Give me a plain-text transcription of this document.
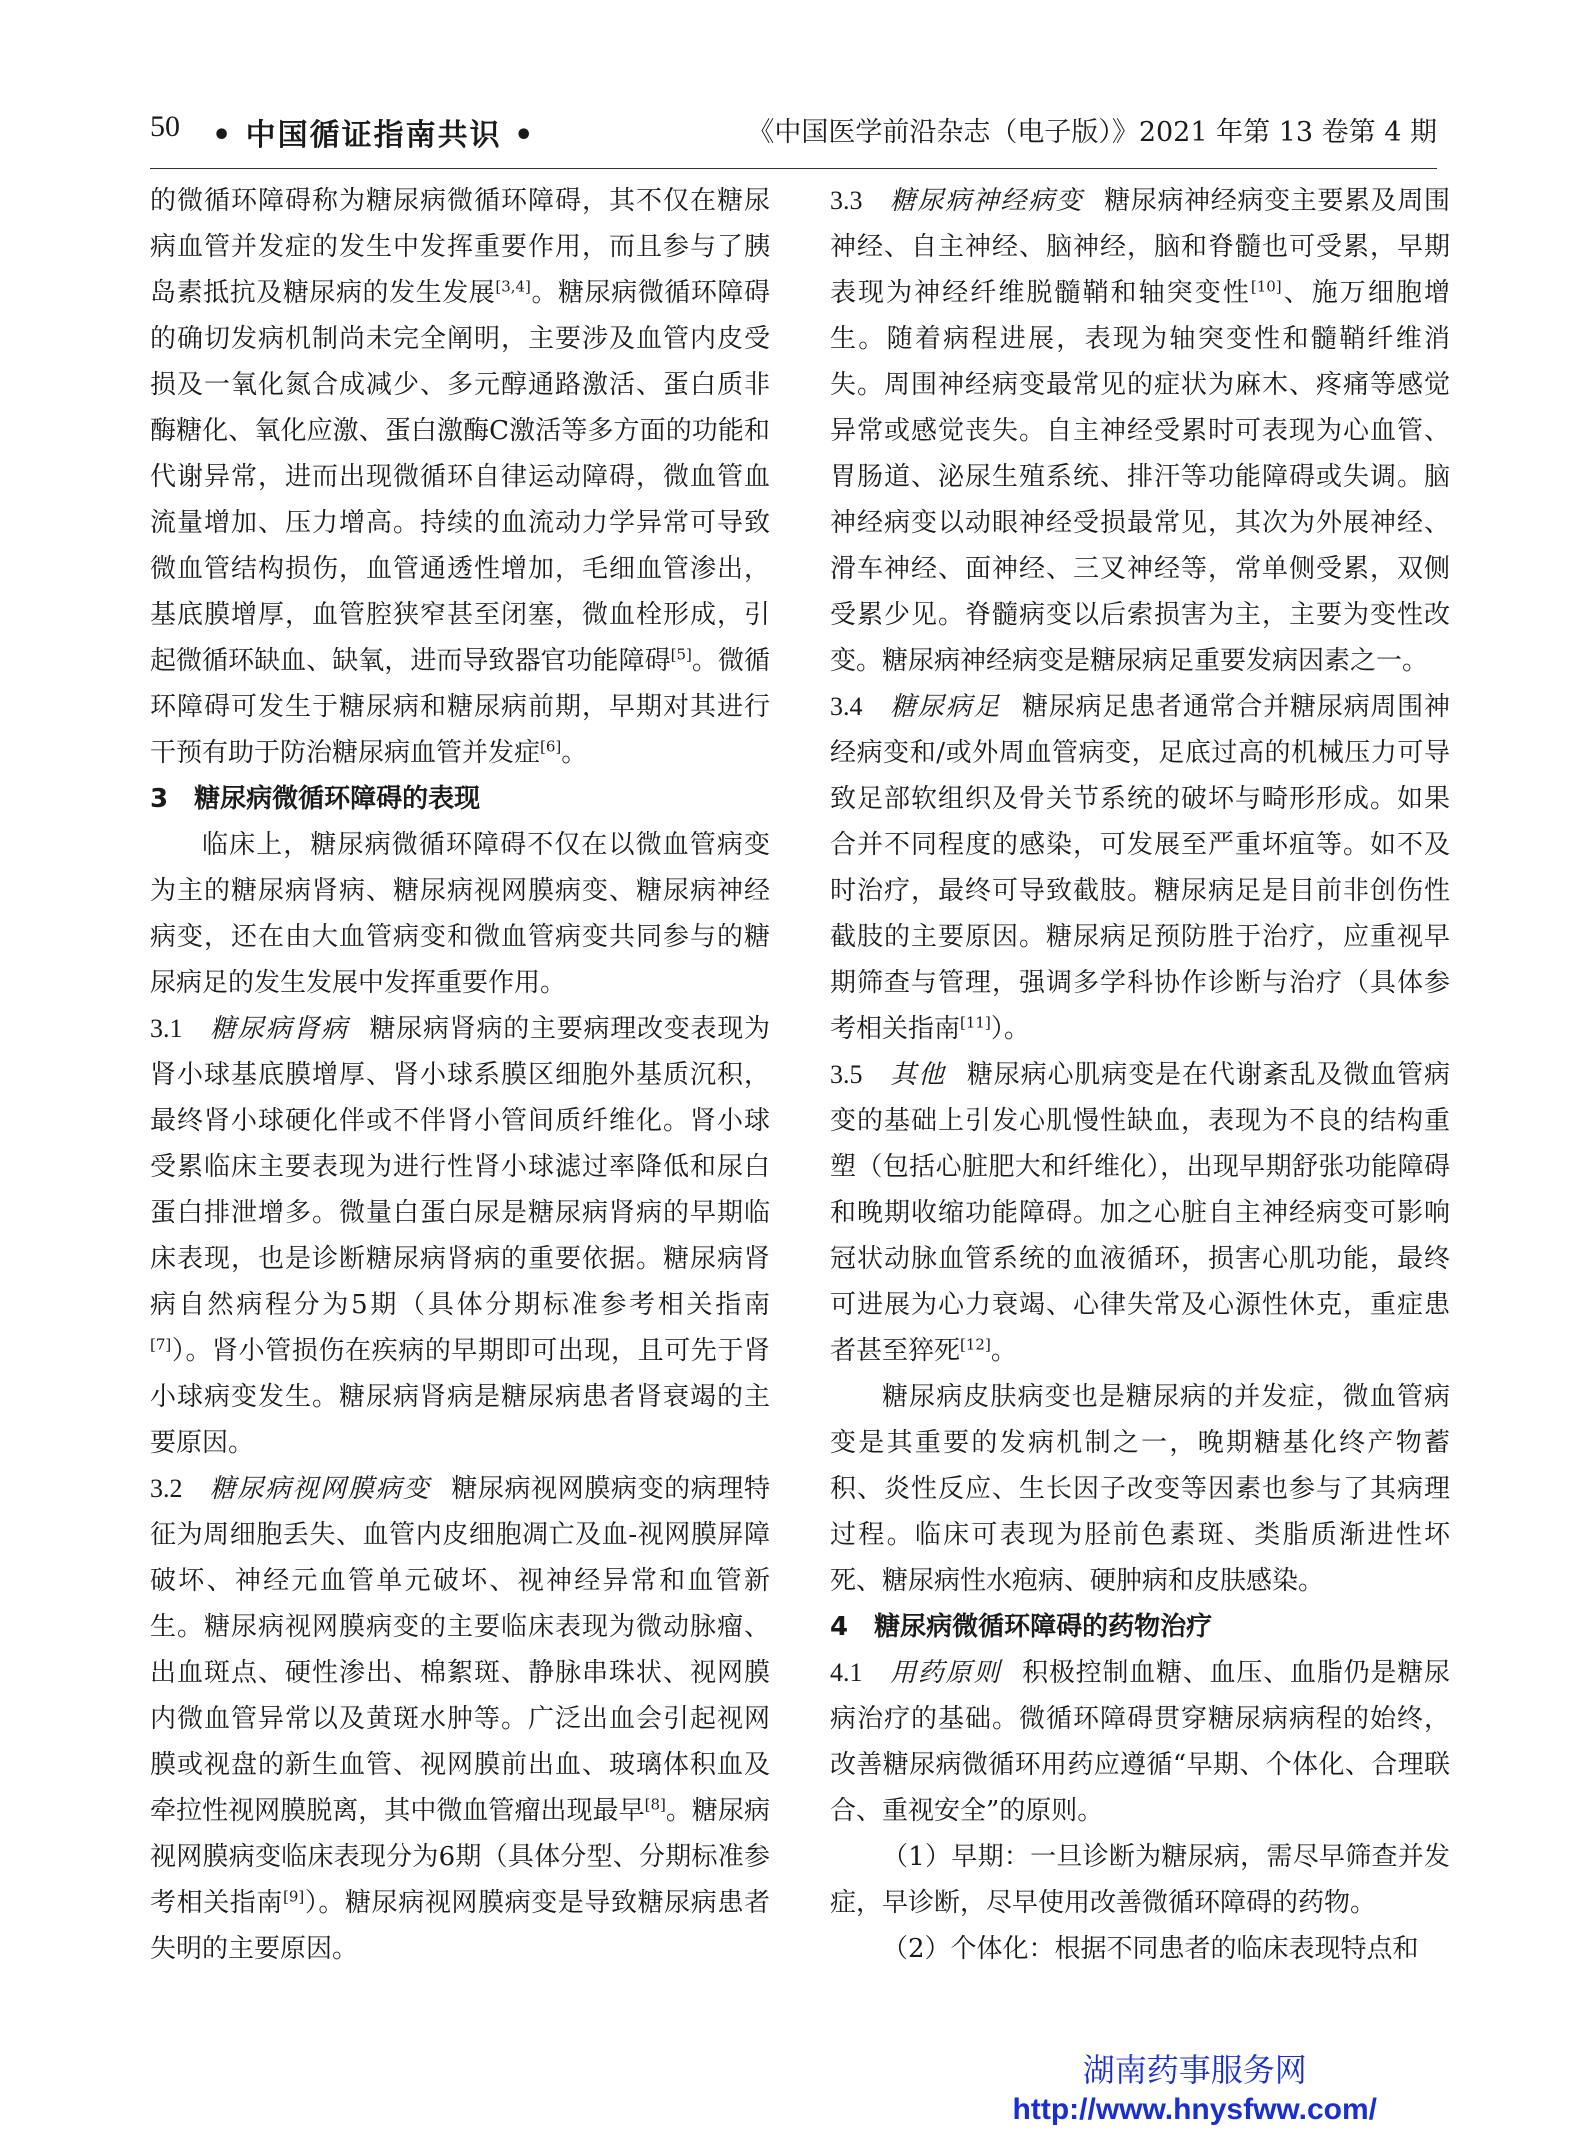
50 • 中国循证指南共识 •	《中国医学前沿杂志（电子版）》2021 年第 13 卷第 4 期

的微循环障碍称为糖尿病微循环障碍，其不仅在糖尿病血管并发症的发生中发挥重要作用，而且参与了胰岛素抵抗及糖尿病的发生发展[3,4]。糖尿病微循环障碍的确切发病机制尚未完全阐明，主要涉及血管内皮受损及一氧化氮合成减少、多元醇通路激活、蛋白质非酶糖化、氧化应激、蛋白激酶C激活等多方面的功能和代谢异常，进而出现微循环自律运动障碍，微血管血流量增加、压力增高。持续的血流动力学异常可导致微血管结构损伤，血管通透性增加，毛细血管渗出，基底膜增厚，血管腔狭窄甚至闭塞，微血栓形成，引起微循环缺血、缺氧，进而导致器官功能障碍[5]。微循环障碍可发生于糖尿病和糖尿病前期，早期对其进行干预有助于防治糖尿病血管并发症[6]。

3　糖尿病微循环障碍的表现

临床上，糖尿病微循环障碍不仅在以微血管病变为主的糖尿病肾病、糖尿病视网膜病变、糖尿病神经病变，还在由大血管病变和微血管病变共同参与的糖尿病足的发生发展中发挥重要作用。

3.1　 糖尿病肾病 糖尿病肾病的主要病理改变表现为肾小球基底膜增厚、肾小球系膜区细胞外基质沉积，最终肾小球硬化伴或不伴肾小管间质纤维化。肾小球受累临床主要表现为进行性肾小球滤过率降低和尿白蛋白排泄增多。微量白蛋白尿是糖尿病肾病的早期临床表现，也是诊断糖尿病肾病的重要依据。糖尿病肾病自然病程分为5期（具体分期标准参考相关指南[7]）。肾小管损伤在疾病的早期即可出现，且可先于肾小球病变发生。糖尿病肾病是糖尿病患者肾衰竭的主要原因。

3.2　 糖尿病视网膜病变 糖尿病视网膜病变的病理特征为周细胞丢失、血管内皮细胞凋亡及血-视网膜屏障破坏、神经元血管单元破坏、视神经异常和血管新生。糖尿病视网膜病变的主要临床表现为微动脉瘤、出血斑点、硬性渗出、棉絮斑、静脉串珠状、视网膜内微血管异常以及黄斑水肿等。广泛出血会引起视网膜或视盘的新生血管、视网膜前出血、玻璃体积血及牵拉性视网膜脱离，其中微血管瘤出现最早[8]。糖尿病视网膜病变临床表现分为6期（具体分型、分期标准参考相关指南[9]）。糖尿病视网膜病变是导致糖尿病患者失明的主要原因。

3.3　 糖尿病神经病变 糖尿病神经病变主要累及周围神经、自主神经、脑神经，脑和脊髓也可受累，早期表现为神经纤维脱髓鞘和轴突变性[10]、施万细胞增生。随着病程进展，表现为轴突变性和髓鞘纤维消失。周围神经病变最常见的症状为麻木、疼痛等感觉异常或感觉丧失。自主神经受累时可表现为心血管、胃肠道、泌尿生殖系统、排汗等功能障碍或失调。脑神经病变以动眼神经受损最常见，其次为外展神经、滑车神经、面神经、三叉神经等，常单侧受累，双侧受累少见。脊髓病变以后索损害为主，主要为变性改变。糖尿病神经病变是糖尿病足重要发病因素之一。

3.4　 糖尿病足 糖尿病足患者通常合并糖尿病周围神经病变和/或外周血管病变，足底过高的机械压力可导致足部软组织及骨关节系统的破坏与畸形形成。如果合并不同程度的感染，可发展至严重坏疽等。如不及时治疗，最终可导致截肢。糖尿病足是目前非创伤性截肢的主要原因。糖尿病足预防胜于治疗，应重视早期筛查与管理，强调多学科协作诊断与治疗（具体参考相关指南[11]）。

3.5　 其他 糖尿病心肌病变是在代谢紊乱及微血管病变的基础上引发心肌慢性缺血，表现为不良的结构重塑（包括心脏肥大和纤维化），出现早期舒张功能障碍和晚期收缩功能障碍。加之心脏自主神经病变可影响冠状动脉血管系统的血液循环，损害心肌功能，最终可进展为心力衰竭、心律失常及心源性休克，重症患者甚至猝死[12]。

糖尿病皮肤病变也是糖尿病的并发症，微血管病变是其重要的发病机制之一，晚期糖基化终产物蓄积、炎性反应、生长因子改变等因素也参与了其病理过程。临床可表现为胫前色素斑、类脂质渐进性坏死、糖尿病性水疱病、硬肿病和皮肤感染。

4　糖尿病微循环障碍的药物治疗

4.1　 用药原则 积极控制血糖、血压、血脂仍是糖尿病治疗的基础。微循环障碍贯穿糖尿病病程的始终，改善糖尿病微循环用药应遵循“早期、个体化、合理联合、重视安全”的原则。

（1）早期：一旦诊断为糖尿病，需尽早筛查并发症，早诊断，尽早使用改善微循环障碍的药物。

（2）个体化：根据不同患者的临床表现特点和

湖南药事服务网
http://www.hnysfww.com/
